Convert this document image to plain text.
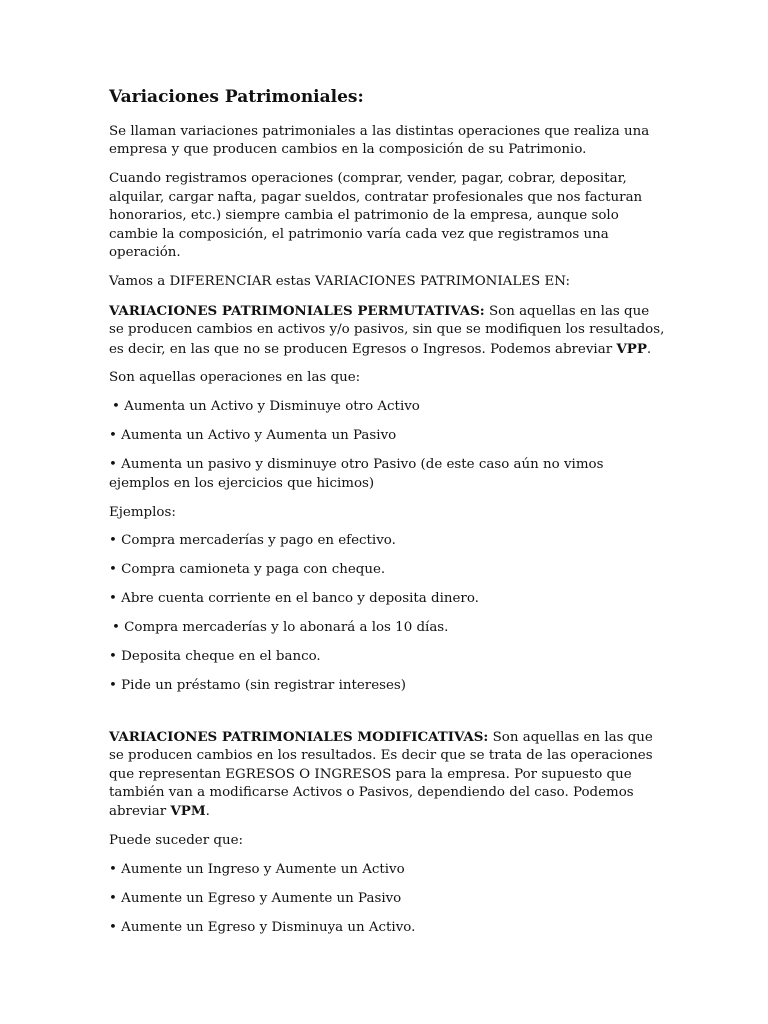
Variaciones Patrimoniales:

Se llaman variaciones patrimoniales a las distintas operaciones que realiza una empresa y que producen cambios en la composición de su Patrimonio.

Cuando registramos operaciones (comprar, vender, pagar, cobrar, depositar, alquilar, cargar nafta, pagar sueldos, contratar profesionales que nos facturan honorarios, etc.) siempre cambia el patrimonio de la empresa, aunque solo cambie la composición, el patrimonio varía cada vez que registramos una operación.

Vamos a DIFERENCIAR estas VARIACIONES PATRIMONIALES EN:

VARIACIONES PATRIMONIALES PERMUTATIVAS: Son aquellas en las que se producen cambios en activos y/o pasivos, sin que se modifiquen los resultados, es decir, en las que no se producen Egresos o Ingresos. Podemos abreviar VPP.

Son aquellas operaciones en las que:

• Aumenta un Activo y Disminuye otro Activo

• Aumenta un Activo y Aumenta un Pasivo

• Aumenta un pasivo y disminuye otro Pasivo (de este caso aún no vimos ejemplos en los ejercicios que hicimos)

Ejemplos:

• Compra mercaderías y pago en efectivo.

• Compra camioneta y paga con cheque.

• Abre cuenta corriente en el banco y deposita dinero.

• Compra mercaderías y lo abonará a los 10 días.

• Deposita cheque en el banco.

• Pide un préstamo (sin registrar intereses)

VARIACIONES PATRIMONIALES MODIFICATIVAS: Son aquellas en las que se producen cambios en los resultados. Es decir que se trata de las operaciones que representan EGRESOS O INGRESOS para la empresa. Por supuesto que también van a modificarse Activos o Pasivos, dependiendo del caso. Podemos abreviar VPM.

Puede suceder que:

• Aumente un Ingreso y Aumente un Activo

• Aumente un Egreso y Aumente un Pasivo

• Aumente un Egreso y Disminuya un Activo.
